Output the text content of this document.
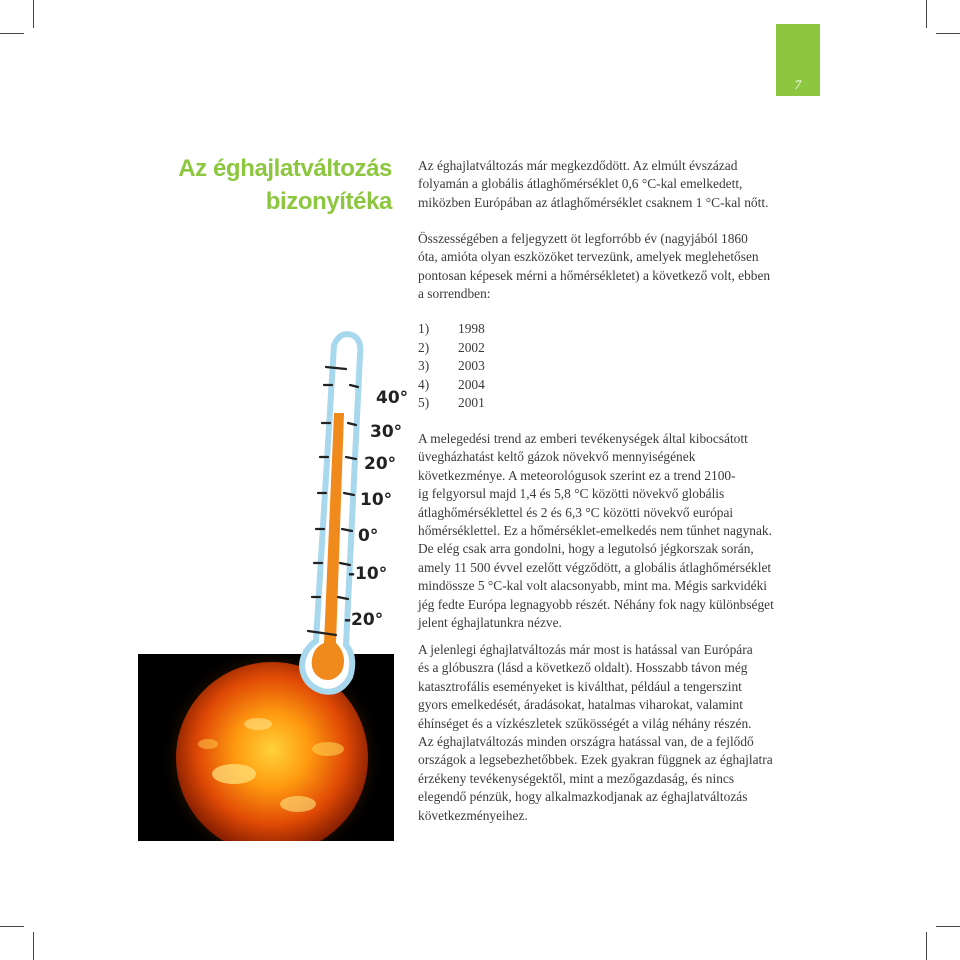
7
Az éghajlatváltozás
bizonyítéka

Az éghajlatváltozás már megkezdődött. Az elmúlt évszázad
folyamán a globális átlaghőmérséklet 0,6 °C-kal emelkedett,
miközben Európában az átlaghőmérséklet csaknem 1 °C-kal nőtt.

Összességében a feljegyzett öt legforróbb év (nagyjából 1860
óta, amióta olyan eszközöket tervezünk, amelyek meglehetősen
pontosan képesek mérni a hőmérsékletet) a következő volt, ebben
a sorrendben:

1) 1998
2) 2002
3) 2003
4) 2004
5) 2001

A melegedési trend az emberi tevékenységek által kibocsátott
üvegházhatást keltő gázok növekvő mennyiségének
következménye. A meteorológusok szerint ez a trend 2100-
ig felgyorsul majd 1,4 és 5,8 °C közötti növekvő globális
átlaghőmérséklettel és 2 és 6,3 °C közötti növekvő európai
hőmérséklettel. Ez a hőmérséklet-emelkedés nem tűnhet nagynak.
De elég csak arra gondolni, hogy a legutolsó jégkorszak során,
amely 11 500 évvel ezelőtt végződött, a globális átlaghőmérséklet
mindössze 5 °C-kal volt alacsonyabb, mint ma. Mégis sarkvidéki
jég fedte Európa legnagyobb részét. Néhány fok nagy különbséget
jelent éghajlatunkra nézve.

A jelenlegi éghajlatváltozás már most is hatással van Európára
és a glóbuszra (lásd a következő oldalt). Hosszabb távon még
katasztrofális eseményeket is kiválthat, például a tengerszint
gyors emelkedését, áradásokat, hatalmas viharokat, valamint
éhínséget és a vízkészletek szűkösségét a világ néhány részén.
Az éghajlatváltozás minden országra hatással van, de a fejlődő
országok a legsebezhetőbbek. Ezek gyakran függnek az éghajlatra
érzékeny tevékenységektől, mint a mezőgazdaság, és nincs
elegendő pénzük, hogy alkalmazkodjanak az éghajlatváltozás
következményeihez.

40°
30°
20°
10°
0°
-10°
-20°
